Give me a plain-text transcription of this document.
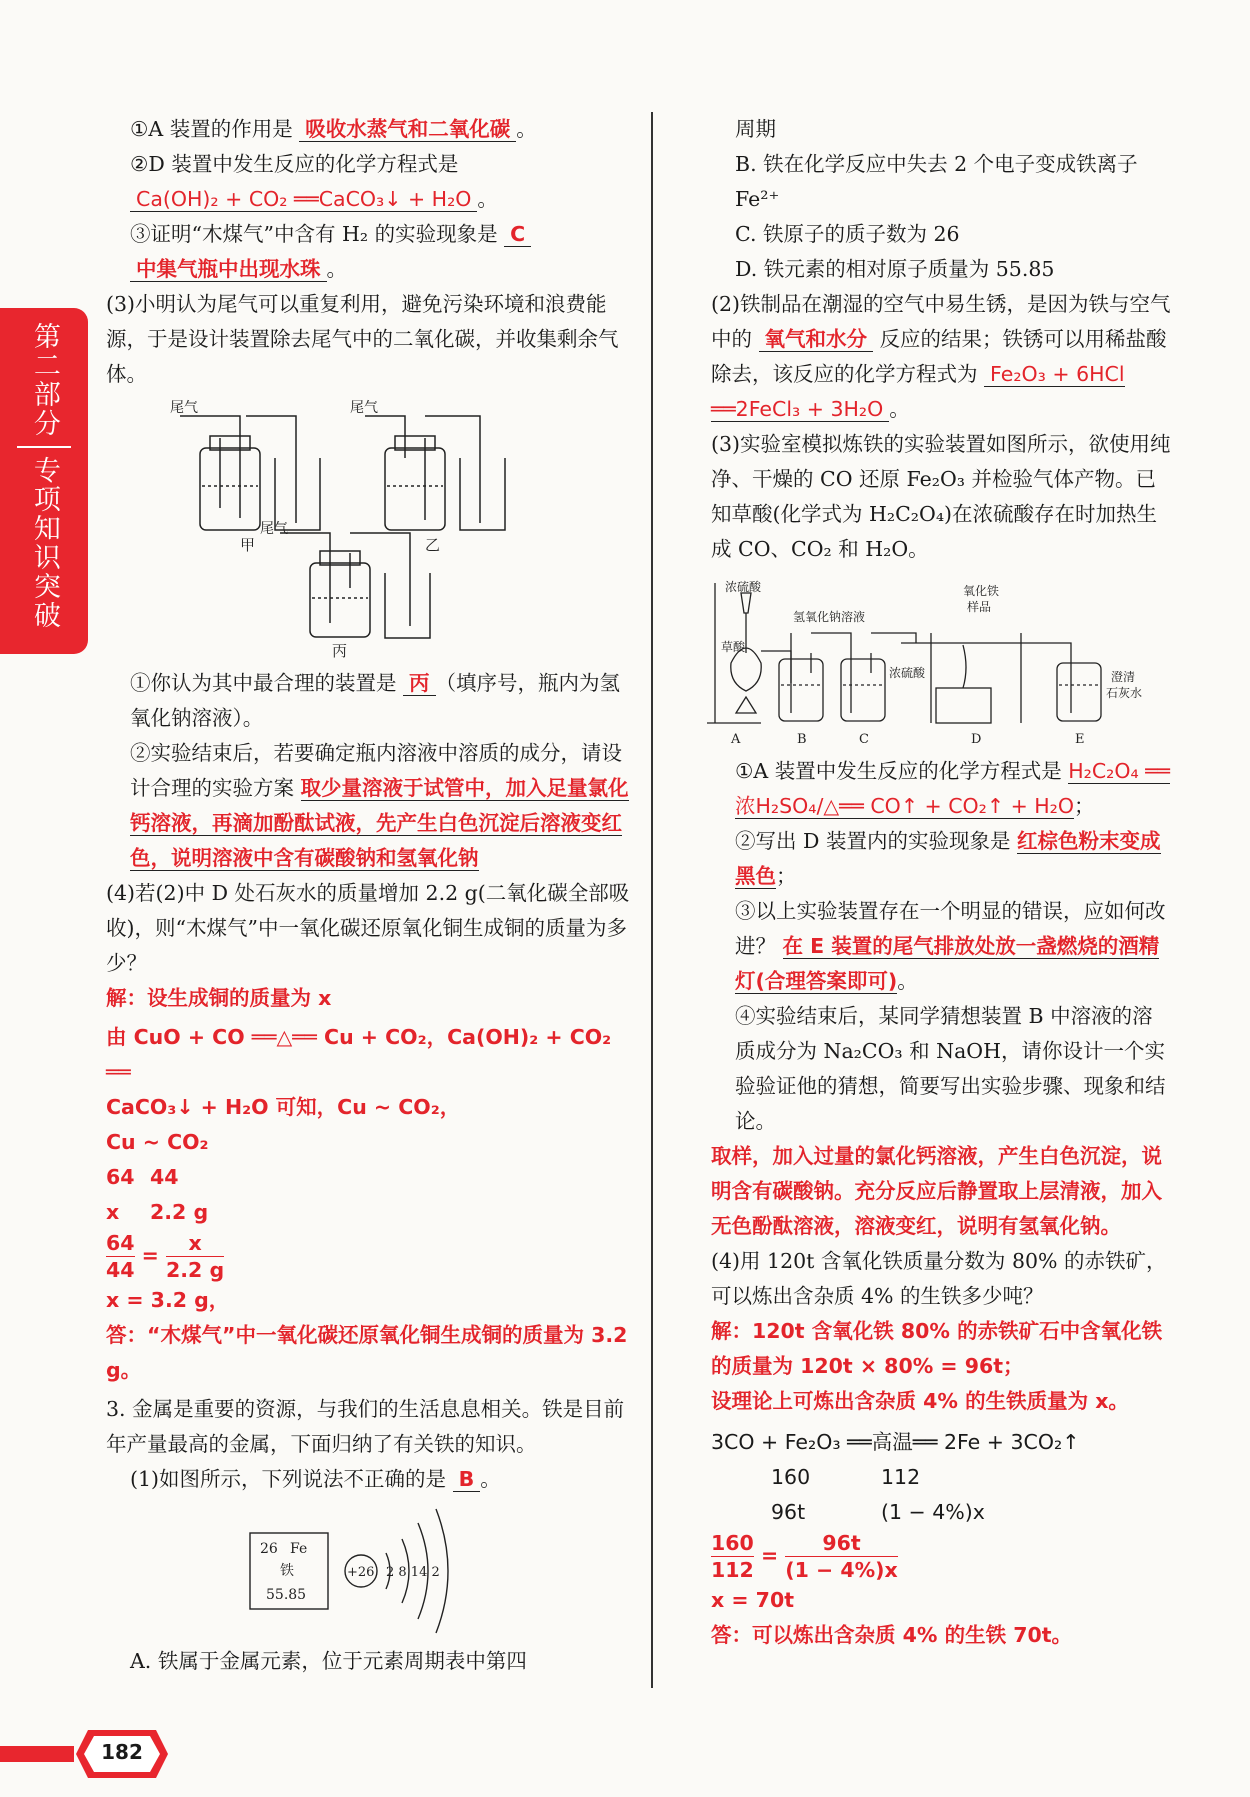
第二部分
专项知识突破

①A 装置的作用是 吸收水蒸气和二氧化碳 。

②D 装置中发生反应的化学方程式是

Ca(OH)₂ + CO₂ ══CaCO₃↓ + H₂O 。

③证明“木煤气”中含有 H₂ 的实验现象是 C

中集气瓶中出现水珠 。

(3)小明认为尾气可以重复利用，避免污染环境和浪费能源，于是设计装置除去尾气中的二氧化碳，并收集剩余气体。

尾气	尾气
尾气
甲	乙
丙

①你认为其中最合理的装置是 丙 （填序号，瓶内为氢氧化钠溶液）。

②实验结束后，若要确定瓶内溶液中溶质的成分，请设计合理的实验方案 取少量溶液于试管中，加入足量氯化钙溶液，再滴加酚酞试液，先产生白色沉淀后溶液变红色，说明溶液中含有碳酸钠和氢氧化钠

(4)若(2)中 D 处石灰水的质量增加 2.2 g(二氧化碳全部吸收)，则“木煤气”中一氧化碳还原氧化铜生成铜的质量为多少？

解：设生成铜的质量为 x
由 CuO + CO ══△══ Cu + CO₂，Ca(OH)₂ + CO₂ ══
CaCO₃↓ + H₂O 可知，Cu ~ CO₂，
Cu ~ CO₂
64 44
x 2.2 g
$\frac{64}{44} = \frac{x}{2.2 g}$
x = 3.2 g，
答：“木煤气”中一氧化碳还原氧化铜生成铜的质量为 3.2 g。

3. 金属是重要的资源，与我们的生活息息相关。铁是目前年产量最高的金属，下面归纳了有关铁的知识。

(1)如图所示，下列说法不正确的是 B 。

26 Fe
铁
55.85
+26 2 8 14 2

A. 铁属于金属元素，位于元素周期表中第四

周期

B. 铁在化学反应中失去 2 个电子变成铁离子 Fe²⁺

C. 铁原子的质子数为 26

D. 铁元素的相对原子质量为 55.85

(2)铁制品在潮湿的空气中易生锈，是因为铁与空气中的 氧气和水分 反应的结果；铁锈可以用稀盐酸除去，该反应的化学方程式为 Fe₂O₃ + 6HCl ══2FeCl₃ + 3H₂O 。

(3)实验室模拟炼铁的实验装置如图所示，欲使用纯净、干燥的 CO 还原 Fe₂O₃ 并检验气体产物。已知草酸(化学式为 H₂C₂O₄)在浓硫酸存在时加热生成 CO、CO₂ 和 H₂O。

浓硫酸
氢氧化钠溶液
草酸
浓硫酸
氧化铁
样品
澄清
石灰水
A	B	C	D	E

①A 装置中发生反应的化学方程式是 H₂C₂O₄ ══浓H₂SO₄/△══ CO↑ + CO₂↑ + H₂O；

②写出 D 装置内的实验现象是 红棕色粉末变成黑色；

③以上实验装置存在一个明显的错误，应如何改进？ 在 E 装置的尾气排放处放一盏燃烧的酒精灯(合理答案即可)。

④实验结束后，某同学猜想装置 B 中溶液的溶质成分为 Na₂CO₃ 和 NaOH，请你设计一个实验验证他的猜想，简要写出实验步骤、现象和结论。

取样，加入过量的氯化钙溶液，产生白色沉淀，说明含有碳酸钠。充分反应后静置取上层清液，加入无色酚酞溶液，溶液变红，说明有氢氧化钠。

(4)用 120t 含氧化铁质量分数为 80% 的赤铁矿，可以炼出含杂质 4% 的生铁多少吨？

解：120t 含氧化铁 80% 的赤铁矿石中含氧化铁的质量为 120t × 80% = 96t；
设理论上可炼出含杂质 4% 的生铁质量为 x。
3CO + Fe₂O₃ ══高温══ 2Fe + 3CO₂↑
160	112
96t	(1 − 4%)x
$\frac{160}{112} = \frac{96t}{(1 - 4\%)x}$
x = 70t
答：可以炼出含杂质 4% 的生铁 70t。
182
